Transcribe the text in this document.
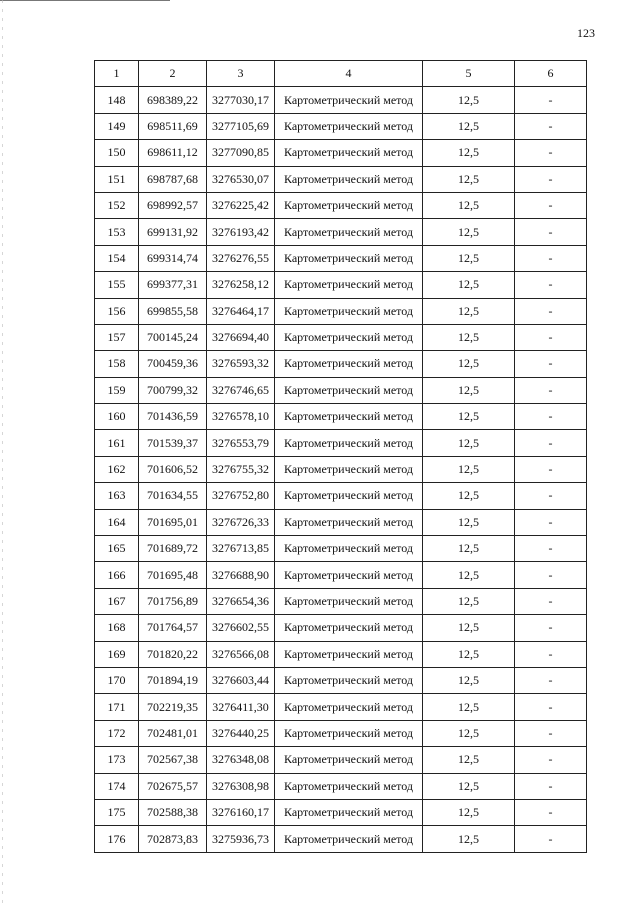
123
1	2	3	4	5	6
148	698389,22	3277030,17	Картометрический метод	12,5	-
149	698511,69	3277105,69	Картометрический метод	12,5	-
150	698611,12	3277090,85	Картометрический метод	12,5	-
151	698787,68	3276530,07	Картометрический метод	12,5	-
152	698992,57	3276225,42	Картометрический метод	12,5	-
153	699131,92	3276193,42	Картометрический метод	12,5	-
154	699314,74	3276276,55	Картометрический метод	12,5	-
155	699377,31	3276258,12	Картометрический метод	12,5	-
156	699855,58	3276464,17	Картометрический метод	12,5	-
157	700145,24	3276694,40	Картометрический метод	12,5	-
158	700459,36	3276593,32	Картометрический метод	12,5	-
159	700799,32	3276746,65	Картометрический метод	12,5	-
160	701436,59	3276578,10	Картометрический метод	12,5	-
161	701539,37	3276553,79	Картометрический метод	12,5	-
162	701606,52	3276755,32	Картометрический метод	12,5	-
163	701634,55	3276752,80	Картометрический метод	12,5	-
164	701695,01	3276726,33	Картометрический метод	12,5	-
165	701689,72	3276713,85	Картометрический метод	12,5	-
166	701695,48	3276688,90	Картометрический метод	12,5	-
167	701756,89	3276654,36	Картометрический метод	12,5	-
168	701764,57	3276602,55	Картометрический метод	12,5	-
169	701820,22	3276566,08	Картометрический метод	12,5	-
170	701894,19	3276603,44	Картометрический метод	12,5	-
171	702219,35	3276411,30	Картометрический метод	12,5	-
172	702481,01	3276440,25	Картометрический метод	12,5	-
173	702567,38	3276348,08	Картометрический метод	12,5	-
174	702675,57	3276308,98	Картометрический метод	12,5	-
175	702588,38	3276160,17	Картометрический метод	12,5	-
176	702873,83	3275936,73	Картометрический метод	12,5	-
